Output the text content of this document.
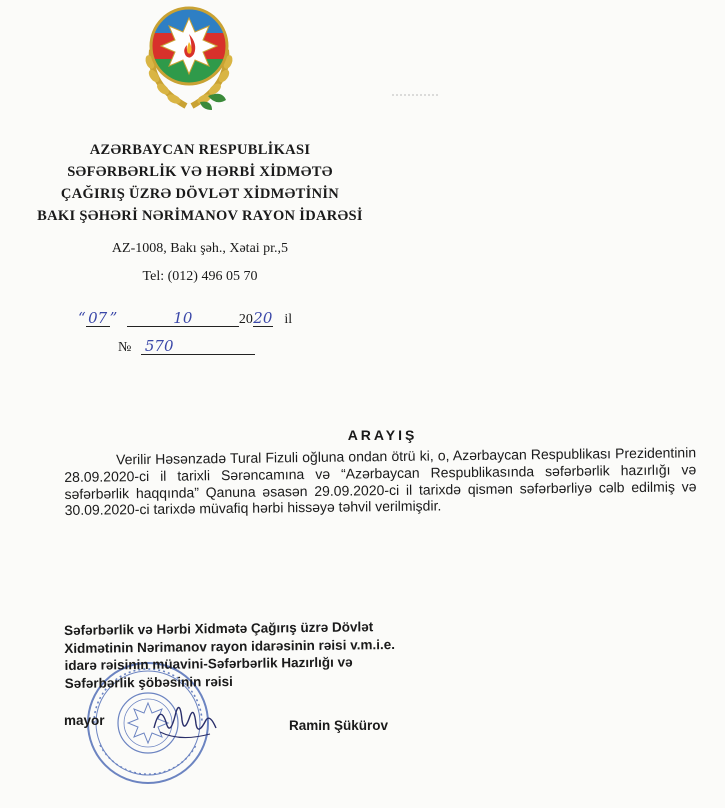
AZƏRBAYCAN RESPUBLİKASI
SƏFƏRBƏRLİK VƏ HƏRBİ XİDMƏTƏ
ÇAĞIRIŞ ÜZRƏ DÖVLƏT XİDMƏTİNİN
BAKI ŞƏHƏRİ NƏRİMANOV RAYON İDARƏSİ
AZ-1008, Bakı şəh., Xətai pr.,5
Tel: (012) 496 05 70
“ 07 ”	10	2020 il
№ 570
ARAYIŞ

Verilir Həsənzadə Tural Fizuli oğluna ondan ötrü ki, o, Azərbaycan Respublikası Prezidentinin 28.09.2020-ci il tarixli Sərəncamına və “Azərbaycan Respublikasında səfərbərlik hazırlığı və səfərbərlik haqqında” Qanuna əsasən 29.09.2020-ci il tarixdə qismən səfərbərliyə cəlb edilmiş və 30.09.2020-ci tarixdə müvafiq hərbi hissəyə təhvil verilmişdir.

Səfərbərlik və Hərbi Xidmətə Çağırış üzrə Dövlət
Xidmətinin Nərimanov rayon idarəsinin rəisi v.m.i.e.
idarə rəisinin müavini-Səfərbərlik Hazırlığı və
Səfərbərlik şöbəsinin rəisi
mayor	Ramin Şükürov
